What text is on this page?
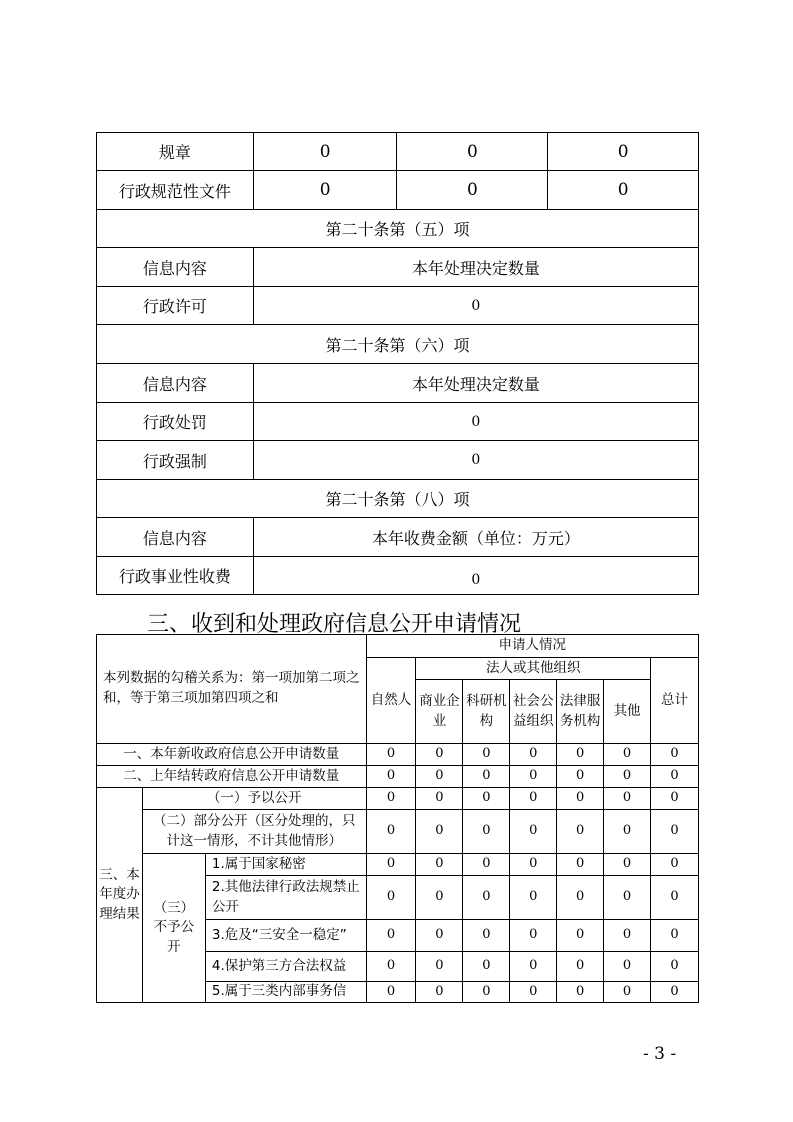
规章	0	0	0
行政规范性文件	0	0	0
第二十条第（五）项			
信息内容	本年处理决定数量		
行政许可	0		
第二十条第（六）项			
信息内容	本年处理决定数量		
行政处罚	0		
行政强制	0		
第二十条第（八）项			
信息内容	本年收费金额（单位：万元）		
行政事业性收费	0		
三、收到和处理政府信息公开申请情况
本列数据的勾稽关系为：第一项加第二项之和，等于第三项加第四项之和			申请人情况						
			自然人	法人或其他组织					总计
				商业企业	科研机构	社会公益组织	法律服务机构	其他	
一、本年新收政府信息公开申请数量			0	0	0	0	0	0	0
二、上年结转政府信息公开申请数量			0	0	0	0	0	0	0
三、本年度办理结果	（一）予以公开		0	0	0	0	0	0	0
	（二）部分公开（区分处理的，只计这一情形，不计其他情形）		0	0	0	0	0	0	0
	（三）不予公开	1.属于国家秘密	0	0	0	0	0	0	0
		2.其他法律行政法规禁止公开	0	0	0	0	0	0	0
		3.危及“三安全一稳定”	0	0	0	0	0	0	0
		4.保护第三方合法权益	0	0	0	0	0	0	0
		5.属于三类内部事务信	0	0	0	0	0	0	0
- 3 -
